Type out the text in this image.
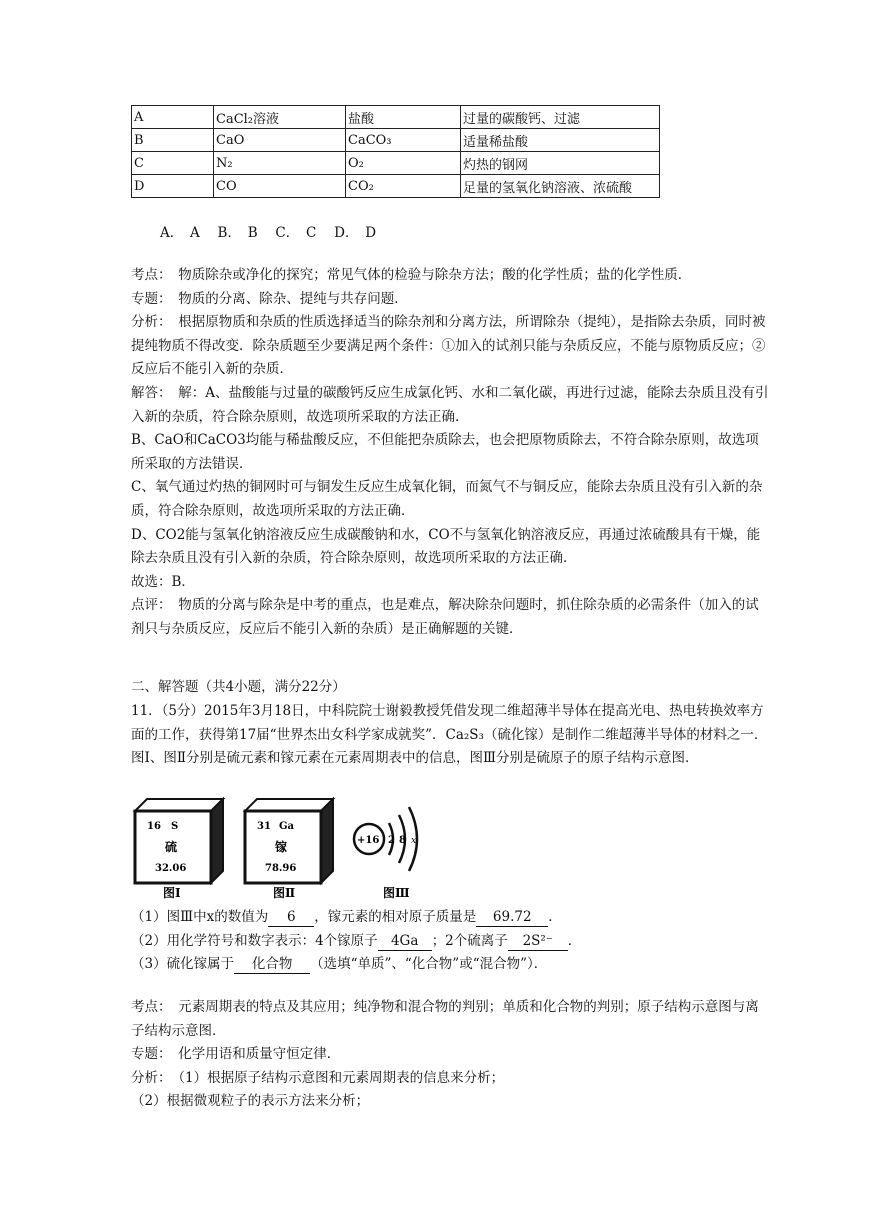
A	CaCl₂溶液	盐酸	过量的碳酸钙、过滤
B	CaO	CaCO₃	适量稀盐酸
C	N₂	O₂	灼热的钢网
D	CO	CO₂	足量的氢氧化钠溶液、浓硫酸
A．　A　 B．　B　 C．　C　 D．　D
考点：　 物质除杂或净化的探究；常见气体的检验与除杂方法；酸的化学性质；盐的化学性质．
专题：　 物质的分离、除杂、提纯与共存问题．
分析：　 根据原物质和杂质的性质选择适当的除杂剂和分离方法，所谓除杂（提纯），是指除去杂质，同时被提纯物质不得改变．除杂质题至少要满足两个条件：①加入的试剂只能与杂质反应，不能与原物质反应；②反应后不能引入新的杂质．
解答：　 解：A、盐酸能与过量的碳酸钙反应生成氯化钙、水和二氧化碳，再进行过滤，能除去杂质且没有引入新的杂质，符合除杂原则，故选项所采取的方法正确．
B、CaO和CaCO3均能与稀盐酸反应，不但能把杂质除去，也会把原物质除去，不符合除杂原则，故选项所采取的方法错误．
C、氧气通过灼热的铜网时可与铜发生反应生成氧化铜，而氮气不与铜反应，能除去杂质且没有引入新的杂质，符合除杂原则，故选项所采取的方法正确．
D、CO2能与氢氧化钠溶液反应生成碳酸钠和水，CO不与氢氧化钠溶液反应，再通过浓硫酸具有干燥，能除去杂质且没有引入新的杂质，符合除杂原则，故选项所采取的方法正确．
故选：B．
点评：　 物质的分离与除杂是中考的重点，也是难点，解决除杂问题时，抓住除杂质的必需条件（加入的试剂只与杂质反应，反应后不能引入新的杂质）是正确解题的关键．
二、解答题（共4小题，满分22分）
11．（5分）2015年3月18日，中科院院士谢毅教授凭借发现二维超薄半导体在提高光电、热电转换效率方面的工作，获得第17届“世界杰出女科学家成就奖”．Ca₂S₃（硫化镓）是制作二维超薄半导体的材料之一．图Ⅰ、图Ⅱ分别是硫元素和镓元素在元素周期表中的信息，图Ⅲ分别是硫原子的原子结构示意图．
16 S
硫
32.06
图Ⅰ
31 Ga
镓
78.96
图Ⅱ
+16 2 8 x
图Ⅲ
（1）图Ⅲ中x的数值为 6 ，镓元素的相对原子质量是 69.72 ．
（2）用化学符号和数字表示：4个镓原子 4Ga ；2个硫离子 2S²⁻ ．
（3）硫化镓属于 化合物 （选填“单质”、“化合物”或“混合物”）．
考点：　 元素周期表的特点及其应用；纯净物和混合物的判别；单质和化合物的判别；原子结构示意图与离子结构示意图．
专题：　 化学用语和质量守恒定律．
分析：　 （1）根据原子结构示意图和元素周期表的信息来分析；
（2）根据微观粒子的表示方法来分析；
